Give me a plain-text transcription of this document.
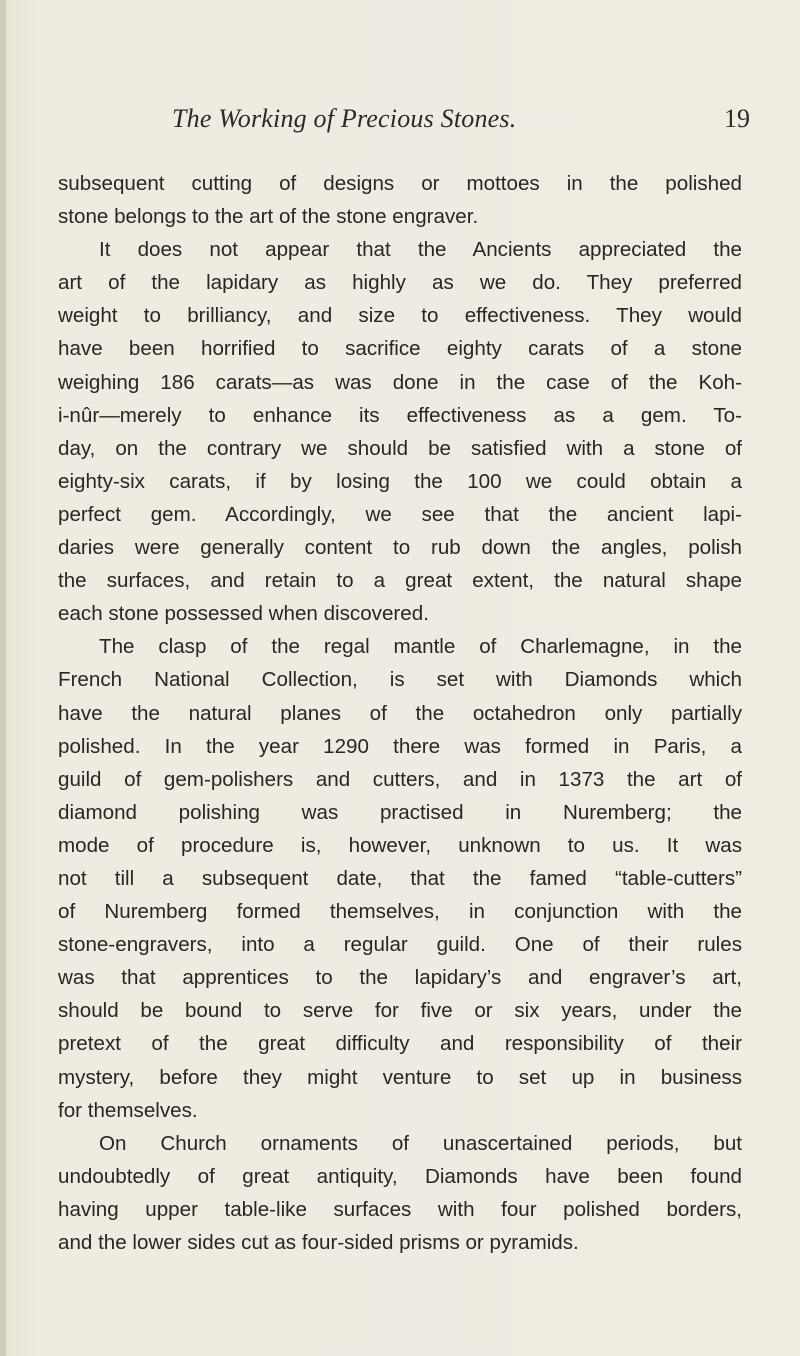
The Working of Precious Stones.	19
subsequent cutting of designs or mottoes in the polished
stone belongs to the art of the stone engraver.
It does not appear that the Ancients appreciated the
art of the lapidary as highly as we do. They preferred
weight to brilliancy, and size to effectiveness. They would
have been horrified to sacrifice eighty carats of a stone
weighing 186 carats—as was done in the case of the Koh-
i-nûr—merely to enhance its effectiveness as a gem. To-
day, on the contrary we should be satisfied with a stone of
eighty-six carats, if by losing the 100 we could obtain a
perfect gem. Accordingly, we see that the ancient lapi-
daries were generally content to rub down the angles, polish
the surfaces, and retain to a great extent, the natural shape
each stone possessed when discovered.
The clasp of the regal mantle of Charlemagne, in the
French National Collection, is set with Diamonds which
have the natural planes of the octahedron only partially
polished. In the year 1290 there was formed in Paris, a
guild of gem-polishers and cutters, and in 1373 the art of
diamond polishing was practised in Nuremberg; the
mode of procedure is, however, unknown to us. It was
not till a subsequent date, that the famed “table-cutters”
of Nuremberg formed themselves, in conjunction with the
stone-engravers, into a regular guild. One of their rules
was that apprentices to the lapidary’s and engraver’s art,
should be bound to serve for five or six years, under the
pretext of the great difficulty and responsibility of their
mystery, before they might venture to set up in business
for themselves.
On Church ornaments of unascertained periods, but
undoubtedly of great antiquity, Diamonds have been found
having upper table-like surfaces with four polished borders,
and the lower sides cut as four-sided prisms or pyramids.
